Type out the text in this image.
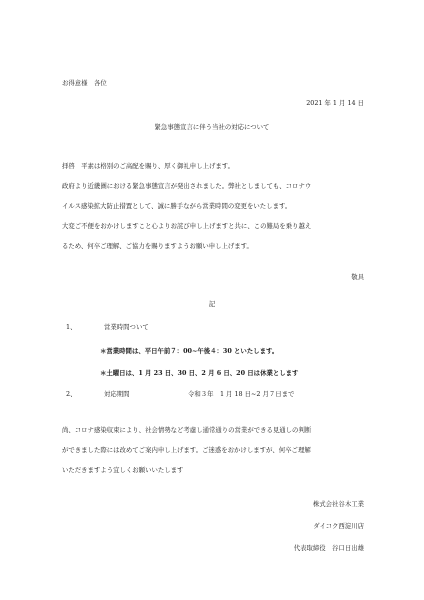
お得意様　各位
2021 年 1 月 14 日
緊急事態宣言に伴う当社の対応について
拝啓　平素は格別のご高配を賜り、厚く御礼申し上げます。
政府より近畿圏における緊急事態宣言が発出されました。弊社としましても、コロナウ
イルス感染拡大防止措置として、誠に勝手ながら営業時間の変更をいたします。
大変ご不便をおかけしますこと心よりお詫び申し上げますと共に、この難局を乗り越え
るため、何卒ご理解、ご協力を賜りますようお願い申し上げます。
敬具
記
1、	営業時間ついて
＊営業時間は、平日午前７：00~午後４：30 といたします。
＊土曜日は、1 月 23 日、30 日、2 月 6 日、20 日は休業とします
2、	対応期間	令和３年　1 月 18 日~2 月７日まで
尚、コロナ感染収束により、社会情勢など考慮し通常通りの営業ができる見通しの判断
ができました際には改めてご案内申し上げます。ご迷惑をおかけしますが、何卒ご理解
いただきますよう宜しくお願いいたします
株式会社谷木工業
ダイコク西淀川店
代表取締役　谷口日出雄
